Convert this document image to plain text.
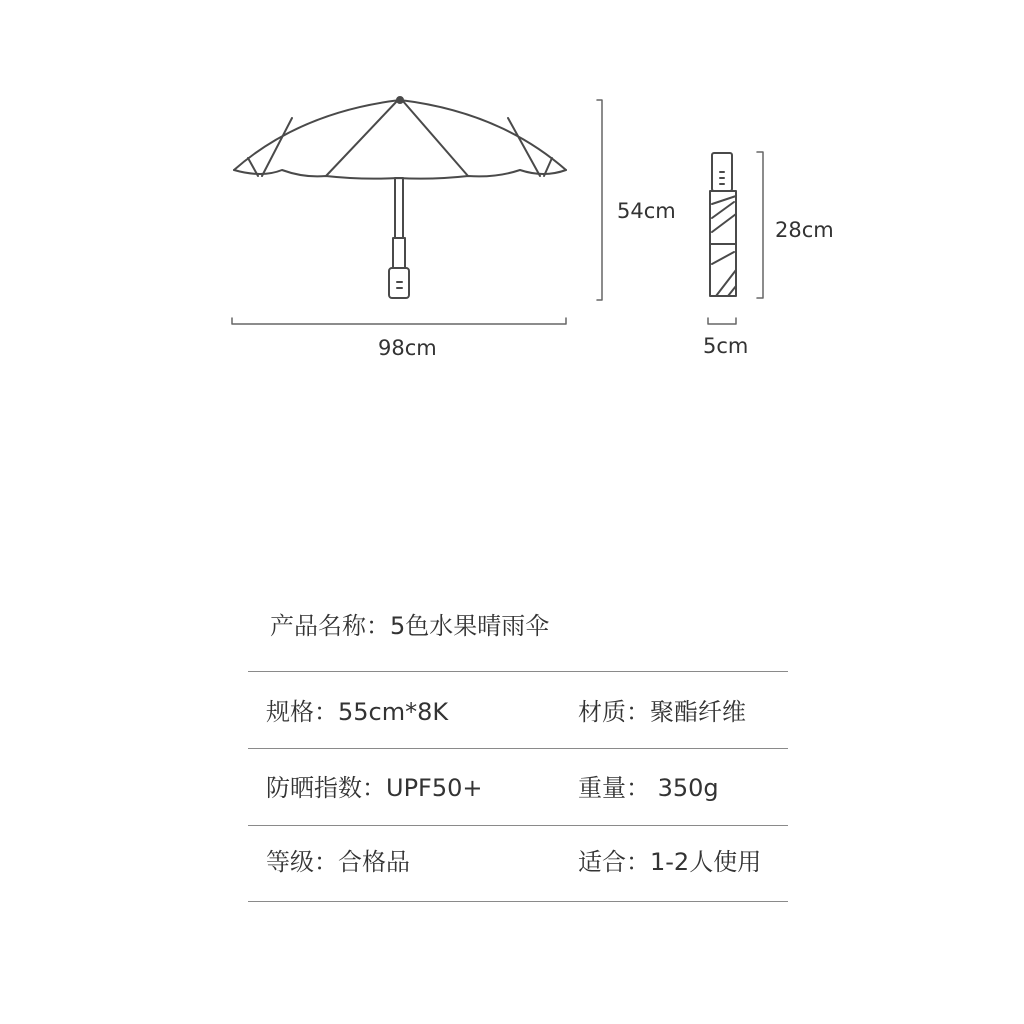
98cm
54cm
28cm
5cm
产品名称：5色水果晴雨伞
规格：55cm*8K	材质：聚酯纤维
防晒指数：UPF50+	重量： 350g
等级：合格品	适合：1-2人使用
